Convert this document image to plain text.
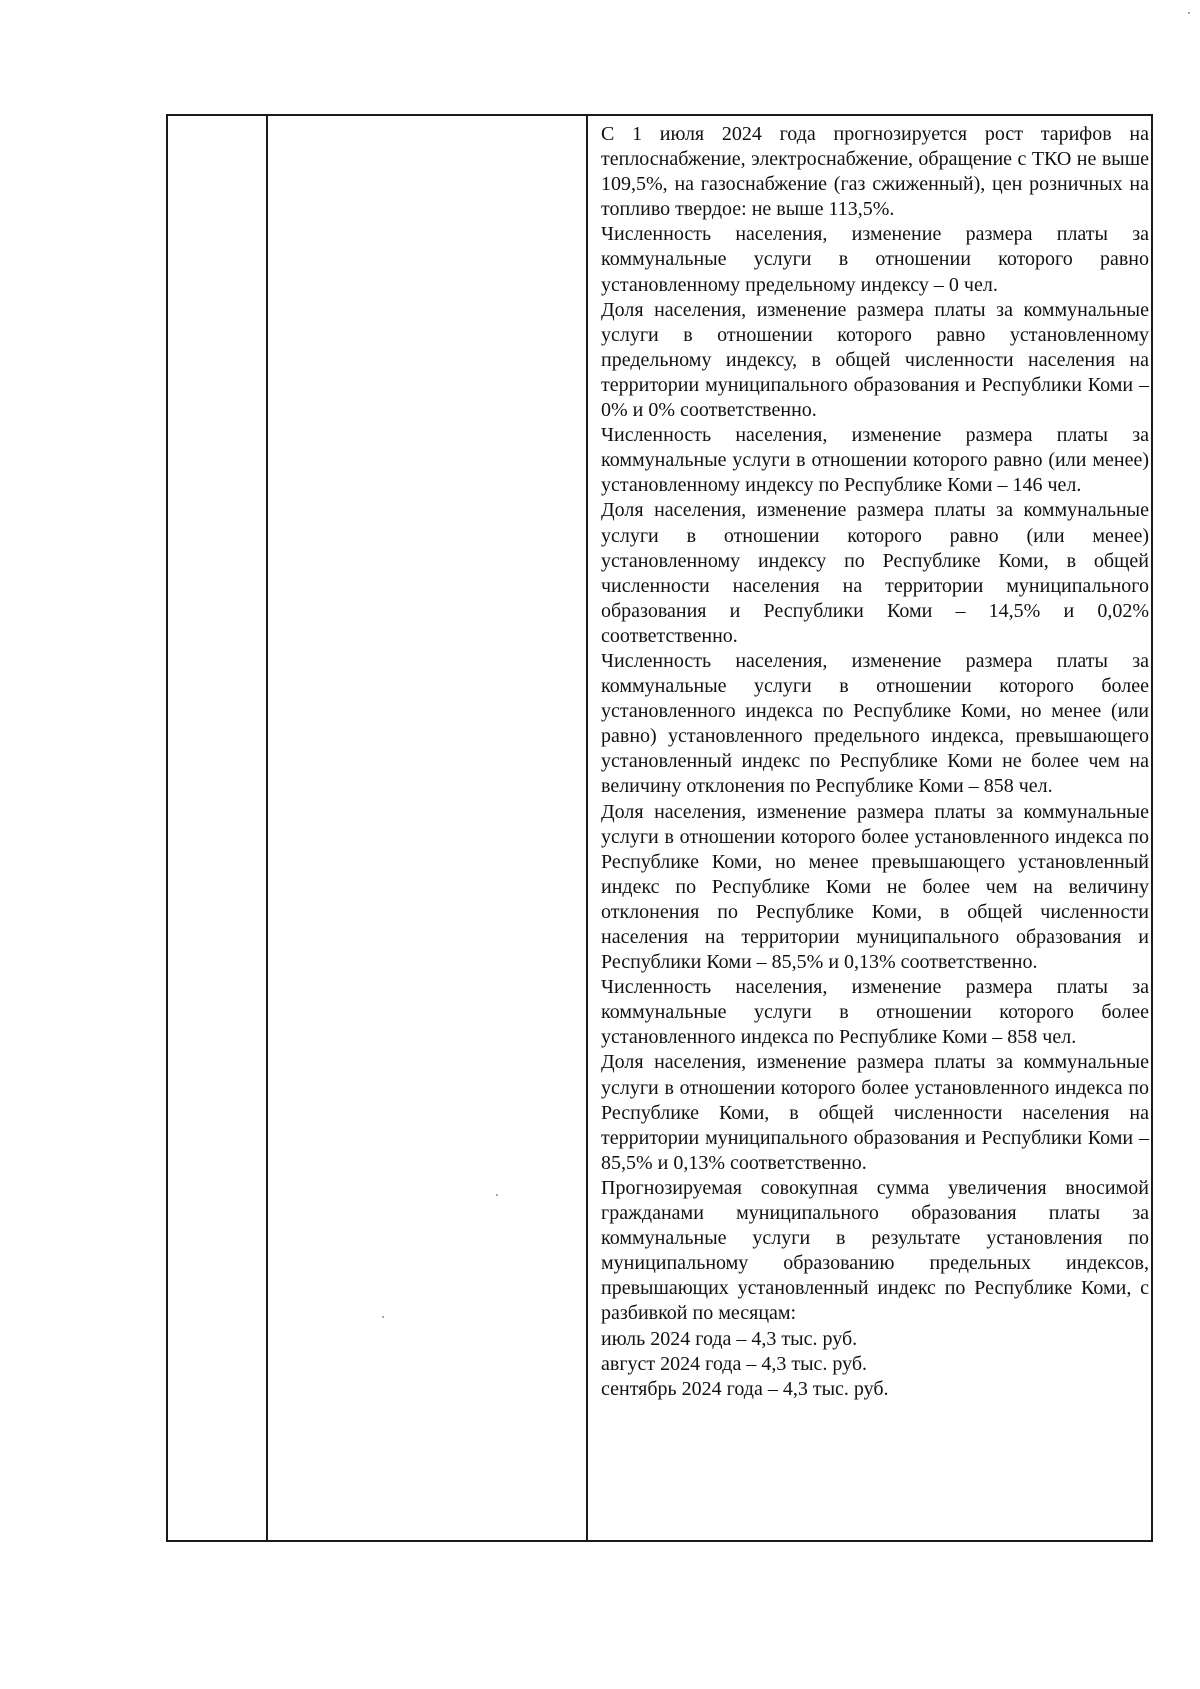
С 1 июля 2024 года прогнозируется рост тарифов на теплоснабжение, электроснабжение, обращение с ТКО не выше 109,5%, на газоснабжение (газ сжиженный), цен розничных на топливо твердое: не выше 113,5%.

Численность населения, изменение размера платы за коммунальные услуги в отношении которого равно установленному предельному индексу – 0 чел.

Доля населения, изменение размера платы за коммунальные услуги в отношении которого равно установленному предельному индексу, в общей численности населения на территории муниципального образования и Республики Коми – 0% и 0% соответственно.

Численность населения, изменение размера платы за коммунальные услуги в отношении которого равно (или менее) установленному индексу по Республике Коми – 146 чел.

Доля населения, изменение размера платы за коммунальные услуги в отношении которого равно (или менее) установленному индексу по Республике Коми, в общей численности населения на территории муниципального образования и Республики Коми – 14,5% и 0,02% соответственно.

Численность населения, изменение размера платы за коммунальные услуги в отношении которого более установленного индекса по Республике Коми, но менее (или равно) установленного предельного индекса, превышающего установленный индекс по Республике Коми не более чем на величину отклонения по Республике Коми – 858 чел.

Доля населения, изменение размера платы за коммунальные услуги в отношении которого более установленного индекса по Республике Коми, но менее превышающего установленный индекс по Республике Коми не более чем на величину отклонения по Республике Коми, в общей численности населения на территории муниципального образования и Республики Коми – 85,5% и 0,13% соответственно.

Численность населения, изменение размера платы за коммунальные услуги в отношении которого более установленного индекса по Республике Коми – 858 чел.

Доля населения, изменение размера платы за коммунальные услуги в отношении которого более установленного индекса по Республике Коми, в общей численности населения на территории муниципального образования и Республики Коми – 85,5% и 0,13% соответственно.

Прогнозируемая совокупная сумма увеличения вносимой гражданами муниципального образования платы за коммунальные услуги в результате установления по муниципальному образованию предельных индексов, превышающих установленный индекс по Республике Коми, с разбивкой по месяцам:

июль 2024 года – 4,3 тыс. руб.

август 2024 года – 4,3 тыс. руб.

сентябрь 2024 года – 4,3 тыс. руб.
